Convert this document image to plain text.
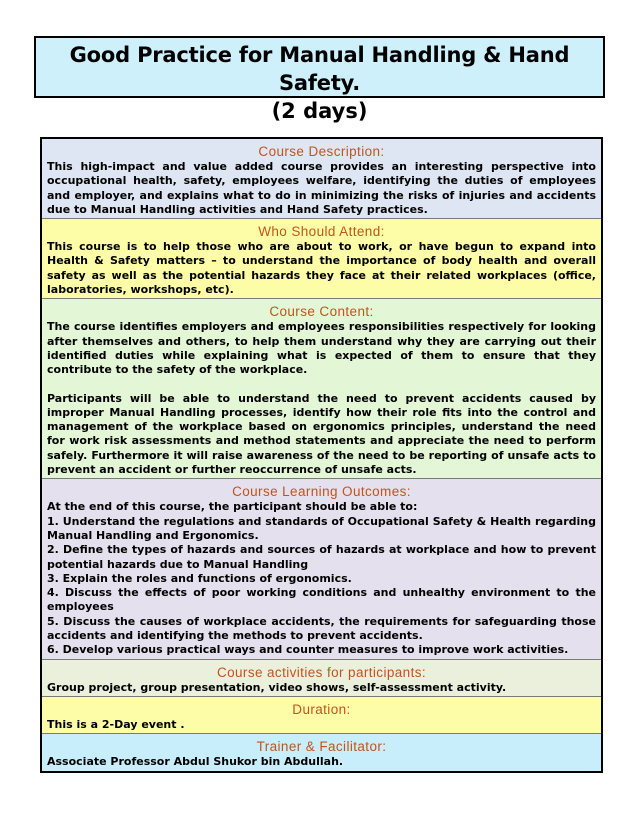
Good Practice for Manual Handling & Hand Safety.
(2 days)
Course Description:
This high-impact and value added course provides an interesting perspective into occupational health, safety, employees welfare, identifying the duties of employees and employer, and explains what to do in minimizing the risks of injuries and accidents due to Manual Handling activities and Hand Safety practices.
Who Should Attend:
This course is to help those who are about to work, or have begun to expand into Health & Safety matters – to understand the importance of body health and overall safety as well as the potential hazards they face at their related workplaces (office, laboratories, workshops, etc).
Course Content:
The course identifies employers and employees responsibilities respectively for looking after themselves and others, to help them understand why they are carrying out their identified duties while explaining what is expected of them to ensure that they contribute to the safety of the workplace.
Participants will be able to understand the need to prevent accidents caused by improper Manual Handling processes, identify how their role fits into the control and management of the workplace based on ergonomics principles, understand the need for work risk assessments and method statements and appreciate the need to perform safely. Furthermore it will raise awareness of the need to be reporting of unsafe acts to prevent an accident or further reoccurrence of unsafe acts.
Course Learning Outcomes:
At the end of this course, the participant should be able to:
1. Understand the regulations and standards of Occupational Safety & Health regarding Manual Handling and Ergonomics.
2. Define the types of hazards and sources of hazards at workplace and how to prevent potential hazards due to Manual Handling
3. Explain the roles and functions of ergonomics.
4. Discuss the effects of poor working conditions and unhealthy environment to the employees
5. Discuss the causes of workplace accidents, the requirements for safeguarding those accidents and identifying the methods to prevent accidents.
6. Develop various practical ways and counter measures to improve work activities.
Course activities for participants:
Group project, group presentation, video shows, self-assessment activity.
Duration:
This is a 2-Day event .
Trainer & Facilitator:
Associate Professor Abdul Shukor bin Abdullah.
